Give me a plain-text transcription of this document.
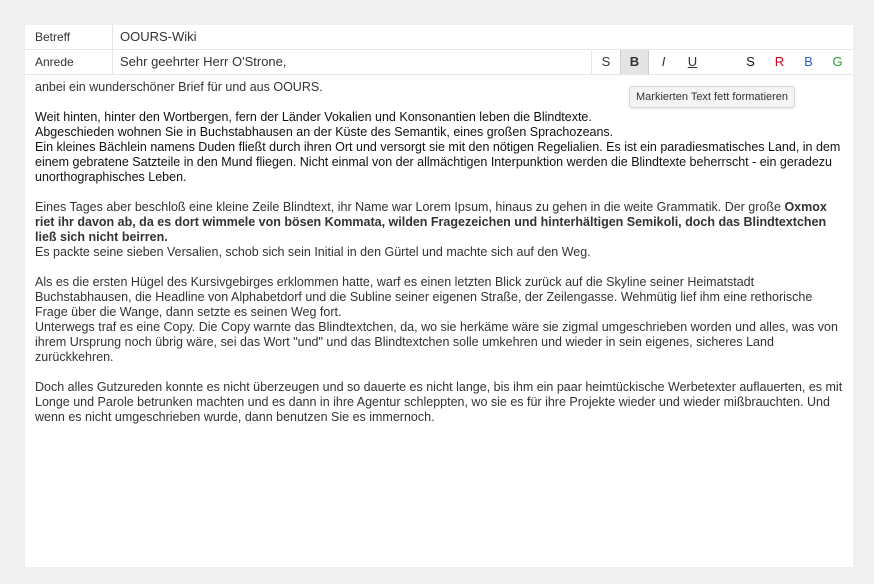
Betreff	OOURS-Wiki
Anrede	Sehr geehrter Herr O'Strone,	S	B	I	U	S	R	B	G
Markierten Text fett formatieren

anbei ein wunderschöner Brief für und aus OOURS.

Weit hinten, hinter den Wortbergen, fern der Länder Vokalien und Konsonantien leben die Blindtexte.
Abgeschieden wohnen Sie in Buchstabhausen an der Küste des Semantik, eines großen Sprachozeans.
Ein kleines Bächlein namens Duden fließt durch ihren Ort und versorgt sie mit den nötigen Regelialien. Es ist ein paradiesmatisches Land, in dem einem gebratene Satzteile in den Mund fliegen. Nicht einmal von der allmächtigen Interpunktion werden die Blindtexte beherrscht - ein geradezu unorthographisches Leben.

Eines Tages aber beschloß eine kleine Zeile Blindtext, ihr Name war Lorem Ipsum, hinaus zu gehen in die weite Grammatik. Der große Oxmox riet ihr davon ab, da es dort wimmele von bösen Kommata, wilden Fragezeichen und hinterhältigen Semikoli, doch das Blindtextchen ließ sich nicht beirren.
Es packte seine sieben Versalien, schob sich sein Initial in den Gürtel und machte sich auf den Weg.

Als es die ersten Hügel des Kursivgebirges erklommen hatte, warf es einen letzten Blick zurück auf die Skyline seiner Heimatstadt Buchstabhausen, die Headline von Alphabetdorf und die Subline seiner eigenen Straße, der Zeilengasse. Wehmütig lief ihm eine rethorische Frage über die Wange, dann setzte es seinen Weg fort.
Unterwegs traf es eine Copy. Die Copy warnte das Blindtextchen, da, wo sie herkäme wäre sie zigmal umgeschrieben worden und alles, was von ihrem Ursprung noch übrig wäre, sei das Wort "und" und das Blindtextchen solle umkehren und wieder in sein eigenes, sicheres Land zurückkehren.

Doch alles Gutzureden konnte es nicht überzeugen und so dauerte es nicht lange, bis ihm ein paar heimtückische Werbetexter auflauerten, es mit Longe und Parole betrunken machten und es dann in ihre Agentur schleppten, wo sie es für ihre Projekte wieder und wieder mißbrauchten. Und wenn es nicht umgeschrieben wurde, dann benutzen Sie es immernoch.
